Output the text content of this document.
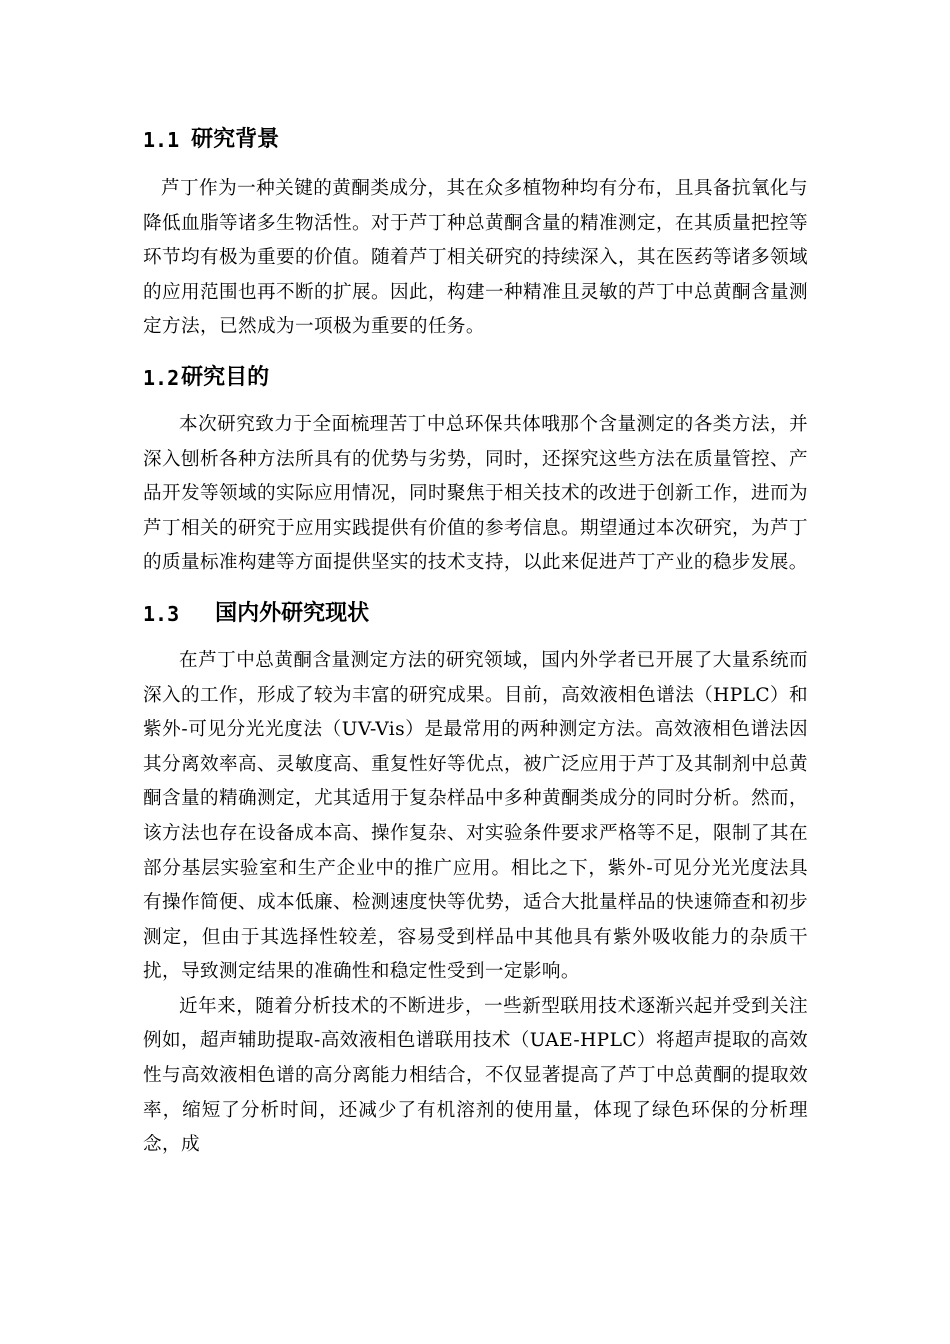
1.1 研究背景

芦丁作为一种关键的黄酮类成分，其在众多植物种均有分布，且具备抗氧化与降低血脂等诸多生物活性。对于芦丁种总黄酮含量的精准测定，在其质量把控等环节均有极为重要的价值。随着芦丁相关研究的持续深入，其在医药等诸多领域的应用范围也再不断的扩展。因此，构建一种精准且灵敏的芦丁中总黄酮含量测定方法，已然成为一项极为重要的任务。

1.2 研究目的

本次研究致力于全面梳理苦丁中总环保共体哦那个含量测定的各类方法，并深入刨析各种方法所具有的优势与劣势，同时，还探究这些方法在质量管控、产品开发等领域的实际应用情况，同时聚焦于相关技术的改进于创新工作，进而为芦丁相关的研究于应用实践提供有价值的参考信息。期望通过本次研究，为芦丁的质量标准构建等方面提供坚实的技术支持，以此来促进芦丁产业的稳步发展。

1.3 国内外研究现状

在芦丁中总黄酮含量测定方法的研究领域，国内外学者已开展了大量系统而深入的工作，形成了较为丰富的研究成果。目前，高效液相色谱法（HPLC）和紫外-可见分光光度法（UV-Vis）是最常用的两种测定方法。高效液相色谱法因其分离效率高、灵敏度高、重复性好等优点，被广泛应用于芦丁及其制剂中总黄酮含量的精确测定，尤其适用于复杂样品中多种黄酮类成分的同时分析。然而，该方法也存在设备成本高、操作复杂、对实验条件要求严格等不足，限制了其在部分基层实验室和生产企业中的推广应用。相比之下，紫外-可见分光光度法具有操作简便、成本低廉、检测速度快等优势，适合大批量样品的快速筛查和初步测定，但由于其选择性较差，容易受到样品中其他具有紫外吸收能力的杂质干扰，导致测定结果的准确性和稳定性受到一定影响。

近年来，随着分析技术的不断进步，一些新型联用技术逐渐兴起并受到关注例如，超声辅助提取-高效液相色谱联用技术（UAE-HPLC）将超声提取的高效性与高效液相色谱的高分离能力相结合，不仅显著提高了芦丁中总黄酮的提取效率，缩短了分析时间，还减少了有机溶剂的使用量，体现了绿色环保的分析理念，成
